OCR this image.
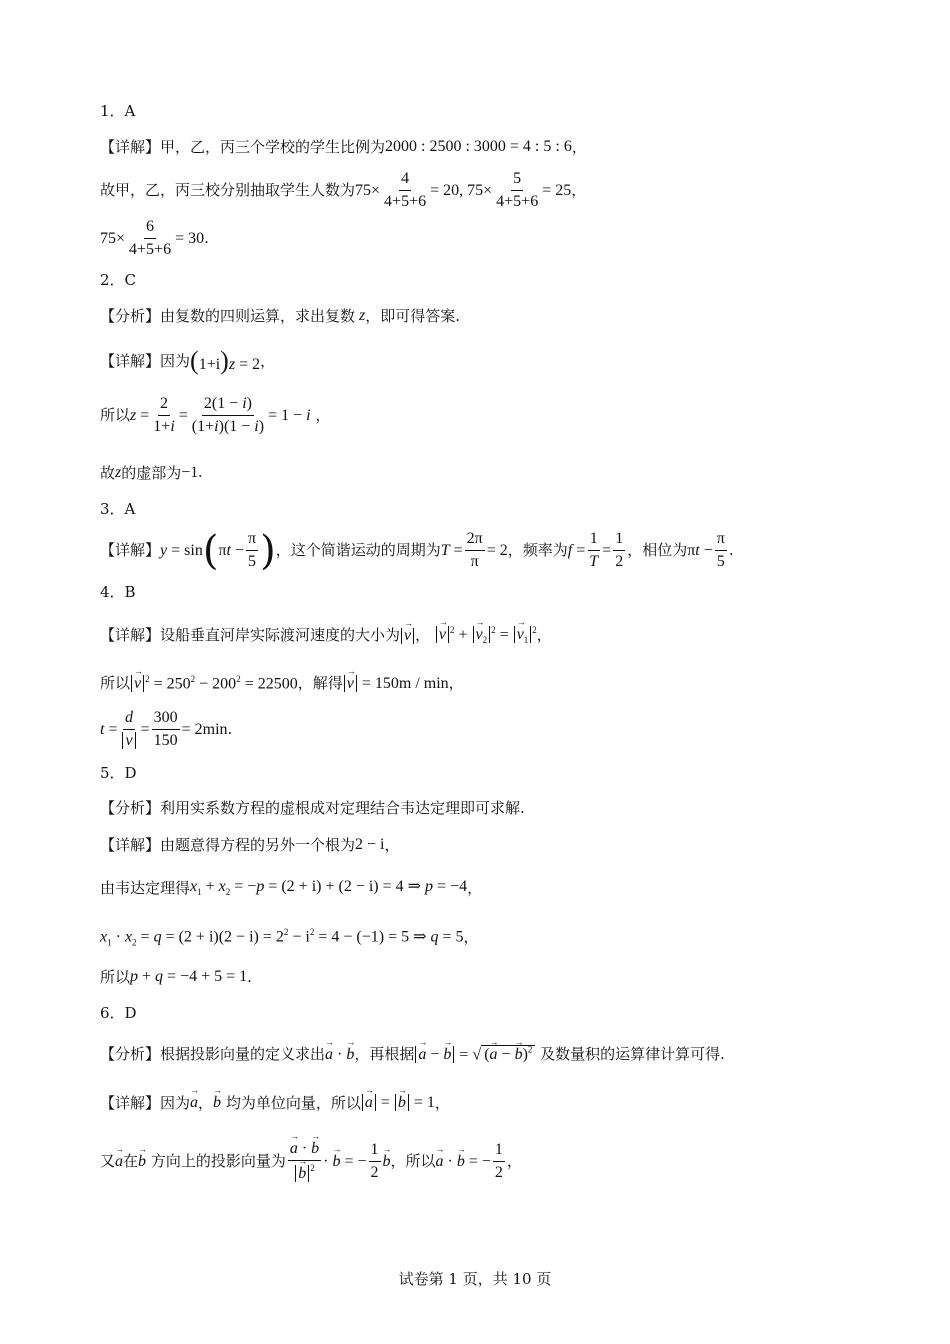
1．A
【详解】甲，乙，丙三个学校的学生比例为 2000 : 2500 : 3000 = 4 : 5 : 6 ，
故甲，乙，丙三校分别抽取学生人数为 $75\times \frac{4}{4+5+6} = 20$, $75\times \frac{5}{4+5+6} = 25$ ，
$75\times \frac{6}{4+5+6} = 30$ .
2．C
【分析】由复数的四则运算，求出复数 z ，即可得答案.
【详解】因为 (1+i)z = 2 ，
所以 $z = \frac{2}{1+i} = \frac{2(1 - i)}{(1+i)(1 - i)} = 1 - i$ ，
故 z 的虚部为 −1.
3．A
【详解】 y = sin ( $\pi t - \frac{\pi}{5}$ ) ，这个简谐运动的周期为 $T = \frac{2\pi}{\pi} = 2$ ，频率为 $f = \frac{1}{T} = \frac{1}{2}$ ，相位为 $\pi t - \frac{\pi}{5}$ .
4．B
【详解】设船垂直河岸实际渡河速度的大小为
→ v ，
→ v $^2$ + → $v_2^2$ = → $v_1^2$ ，
所以
→ v $^2 = 250^2 - 200^2 = 22500$ ，解得
→ v = 150m / min ，
t = d
→ $v = \frac{300}{150} = 2\min$ .
5．D
【分析】利用实系数方程的虚根成对定理结合韦达定理即可求解.
【详解】由题意得方程的另外一个根为 2 − i ，
由韦达定理得 $x_1 + x_2 = -p = (2 + i) + (2 - i) = 4$ ⇒ p = −4 ，
$x_1 \cdot x_2 = q = (2 + i)(2 - i) = 2^2 - i^2 = 4 - (-1) = 5$ ⇒ q = 5 ，
所以 p + q = −4 + 5 = 1 .
6．D
【分析】根据投影向量的定义求出
→ a · → b ，再根据
→ a − → b = √ (→ a − → b)$^2$
及数量积的运算律计算可得.
【详解】因为
→ a ，
→ b
均为单位向量，所以
→ a = → b = 1 ，
又
→ a 在
→ b
方向上的投影向量为
→ a · → b
→ b $^2$ · → b = − $\frac{1}{2}$
→ b ，所以
→ a · → b = − $\frac{1}{2}$ ，
试卷第 1 页，共 10 页
